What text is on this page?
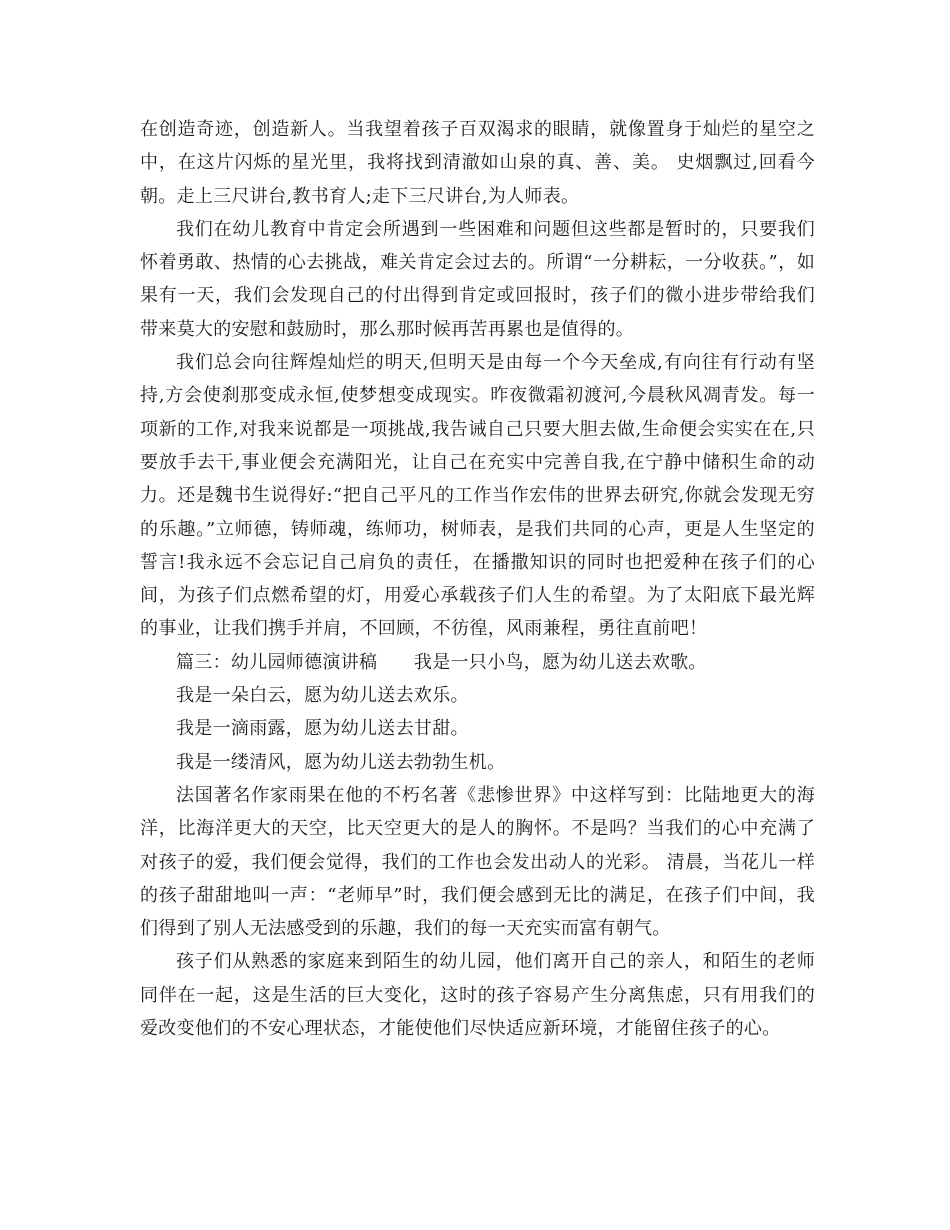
在创造奇迹，创造新人。当我望着孩子百双渴求的眼睛，就像置身于灿烂的星空之中，在这片闪烁的星光里，我将找到清澈如山泉的真、善、美。 史烟飘过,回看今朝。走上三尺讲台,教书育人;走下三尺讲台,为人师表。

我们在幼儿教育中肯定会所遇到一些困难和问题但这些都是暂时的，只要我们怀着勇敢、热情的心去挑战，难关肯定会过去的。所谓“一分耕耘，一分收获。”，如果有一天，我们会发现自己的付出得到肯定或回报时，孩子们的微小进步带给我们带来莫大的安慰和鼓励时，那么那时候再苦再累也是值得的。

我们总会向往辉煌灿烂的明天,但明天是由每一个今天垒成,有向往有行动有坚持,方会使刹那变成永恒,使梦想变成现实。昨夜微霜初渡河,今晨秋风凋青发。每一项新的工作,对我来说都是一项挑战,我告诫自己只要大胆去做,生命便会实实在在,只要放手去干,事业便会充满阳光，让自己在充实中完善自我,在宁静中储积生命的动力。还是魏书生说得好:“把自己平凡的工作当作宏伟的世界去研究,你就会发现无穷的乐趣。”立师德，铸师魂，练师功，树师表，是我们共同的心声，更是人生坚定的誓言!我永远不会忘记自己肩负的责任，在播撒知识的同时也把爱种在孩子们的心间，为孩子们点燃希望的灯，用爱心承载孩子们人生的希望。为了太阳底下最光辉的事业，让我们携手并肩，不回顾，不彷徨，风雨兼程，勇往直前吧！

篇三：幼儿园师德演讲稿　　我是一只小鸟，愿为幼儿送去欢歌。

我是一朵白云，愿为幼儿送去欢乐。

我是一滴雨露，愿为幼儿送去甘甜。

我是一缕清风，愿为幼儿送去勃勃生机。

法国著名作家雨果在他的不朽名著《悲惨世界》中这样写到：比陆地更大的海洋，比海洋更大的天空，比天空更大的是人的胸怀。不是吗？当我们的心中充满了对孩子的爱，我们便会觉得，我们的工作也会发出动人的光彩。 清晨，当花儿一样的孩子甜甜地叫一声：“老师早”时，我们便会感到无比的满足，在孩子们中间，我们得到了别人无法感受到的乐趣，我们的每一天充实而富有朝气。

孩子们从熟悉的家庭来到陌生的幼儿园，他们离开自己的亲人，和陌生的老师同伴在一起，这是生活的巨大变化，这时的孩子容易产生分离焦虑，只有用我们的爱改变他们的不安心理状态，才能使他们尽快适应新环境，才能留住孩子的心。
